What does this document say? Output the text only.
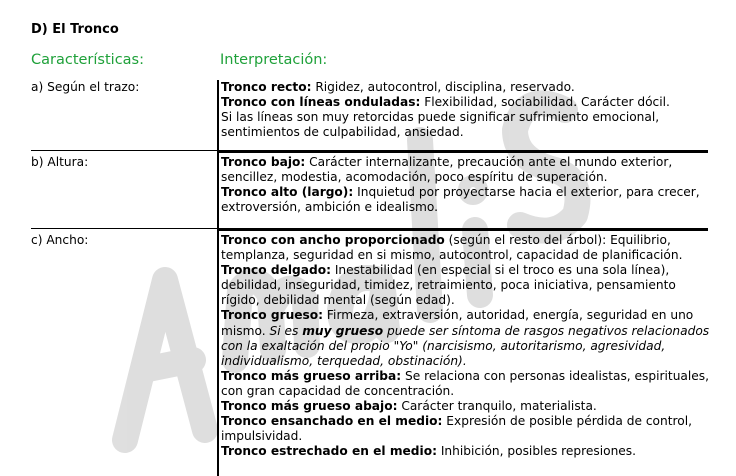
D) El Tronco
Características:	Interpretación:
a) Según el trazo:	Tronco recto: Rigidez, autocontrol, disciplina, reservado.

Tronco con líneas onduladas: Flexibilidad, sociabilidad. Carácter dócil.

Si las líneas son muy retorcidas puede significar sufrimiento emocional, sentimientos de culpabilidad, ansiedad.

b) Altura:	Tronco bajo: Carácter internalizante, precaución ante el mundo exterior, sencillez, modestia, acomodación, poco espíritu de superación.

Tronco alto (largo): Inquietud por proyectarse hacia el exterior, para crecer, extroversión, ambición e idealismo.

c) Ancho:	Tronco con ancho proporcionado (según el resto del árbol): Equilibrio, templanza, seguridad en si mismo, autocontrol, capacidad de planificación.

Tronco delgado: Inestabilidad (en especial si el troco es una sola línea), debilidad, inseguridad, timidez, retraimiento, poca iniciativa, pensamiento rígido, debilidad mental (según edad).

Tronco grueso: Firmeza, extraversión, autoridad, energía, seguridad en uno mismo. Si es muy grueso puede ser síntoma de rasgos negativos relacionados con la exaltación del propio "Yo" (narcisismo, autoritarismo, agresividad, individualismo, terquedad, obstinación).

Tronco más grueso arriba: Se relaciona con personas idealistas, espirituales, con gran capacidad de concentración.

Tronco más grueso abajo: Carácter tranquilo, materialista.

Tronco ensanchado en el medio: Expresión de posible pérdida de control, impulsividad.

Tronco estrechado en el medio: Inhibición, posibles represiones.
